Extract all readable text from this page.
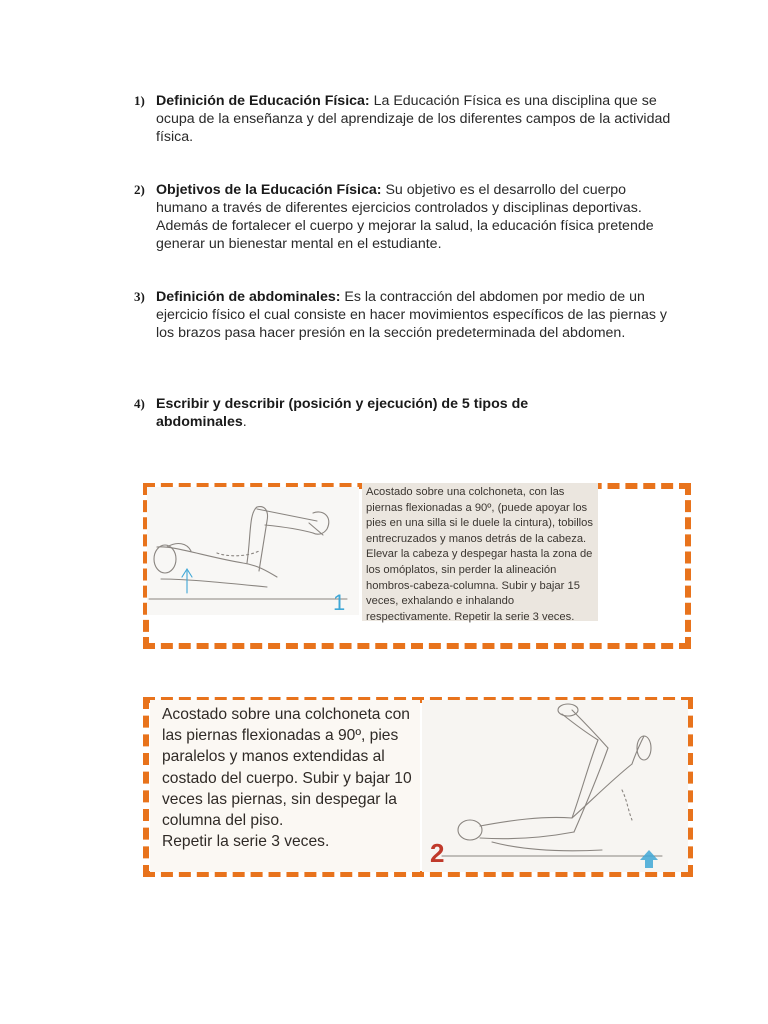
1) Definición de Educación Física: La Educación Física es una disciplina que se ocupa de la enseñanza y del aprendizaje de los diferentes campos de la actividad física.
2) Objetivos de la Educación Física: Su objetivo es el desarrollo del cuerpo humano a través de diferentes ejercicios controlados y disciplinas deportivas. Además de fortalecer el cuerpo y mejorar la salud, la educación física pretende generar un bienestar mental en el estudiante.
3) Definición de abdominales: Es la contracción del abdomen por medio de un ejercicio físico el cual consiste en hacer movimientos específicos de las piernas y los brazos pasa hacer presión en la sección predeterminada del abdomen.
4) Escribir y describir (posición y ejecución) de 5 tipos de abdominales.
1
Acostado sobre una colchoneta, con las piernas flexionadas a 90º, (puede apoyar los pies en una silla si le duele la cintura), tobillos entrecruzados y manos detrás de la cabeza. Elevar la cabeza y despegar hasta la zona de los omóplatos, sin perder la alineación hombros-cabeza-columna. Subir y bajar 15 veces, exhalando e inhalando respectivamente. Repetir la serie 3 veces.
Acostado sobre una colchoneta con las piernas flexionadas a 90º, pies paralelos y manos extendidas al costado del cuerpo. Subir y bajar 10 veces las piernas, sin despegar la columna del piso.
Repetir la serie 3 veces.	2
